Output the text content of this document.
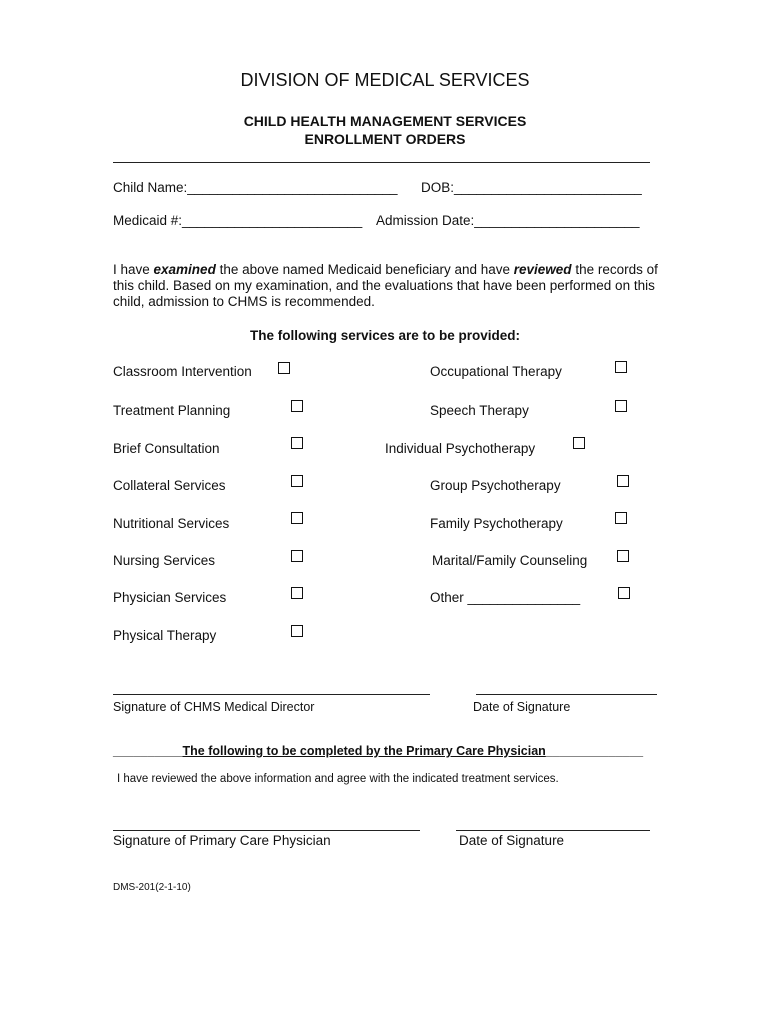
DIVISION OF MEDICAL SERVICES
CHILD HEALTH MANAGEMENT SERVICES
ENROLLMENT ORDERS
Child Name:____________________________ DOB:_________________________
Medicaid #:________________________ Admission Date:______________________
I have examined the above named Medicaid beneficiary and have reviewed the records of this child. Based on my examination, and the evaluations that have been performed on this child, admission to CHMS is recommended.
The following services are to be provided:
Classroom Intervention
Treatment Planning
Brief Consultation
Collateral Services
Nutritional Services
Nursing Services
Physician Services
Physical Therapy
Occupational Therapy
Speech Therapy
Individual Psychotherapy
Group Psychotherapy
Family Psychotherapy
Marital/Family Counseling
Other _______________
Signature of CHMS Medical Director	Date of Signature
__________The following to be completed by the Primary Care Physician______________
I have reviewed the above information and agree with the indicated treatment services.
Signature of Primary Care Physician	Date of Signature
DMS-201(2-1-10)
